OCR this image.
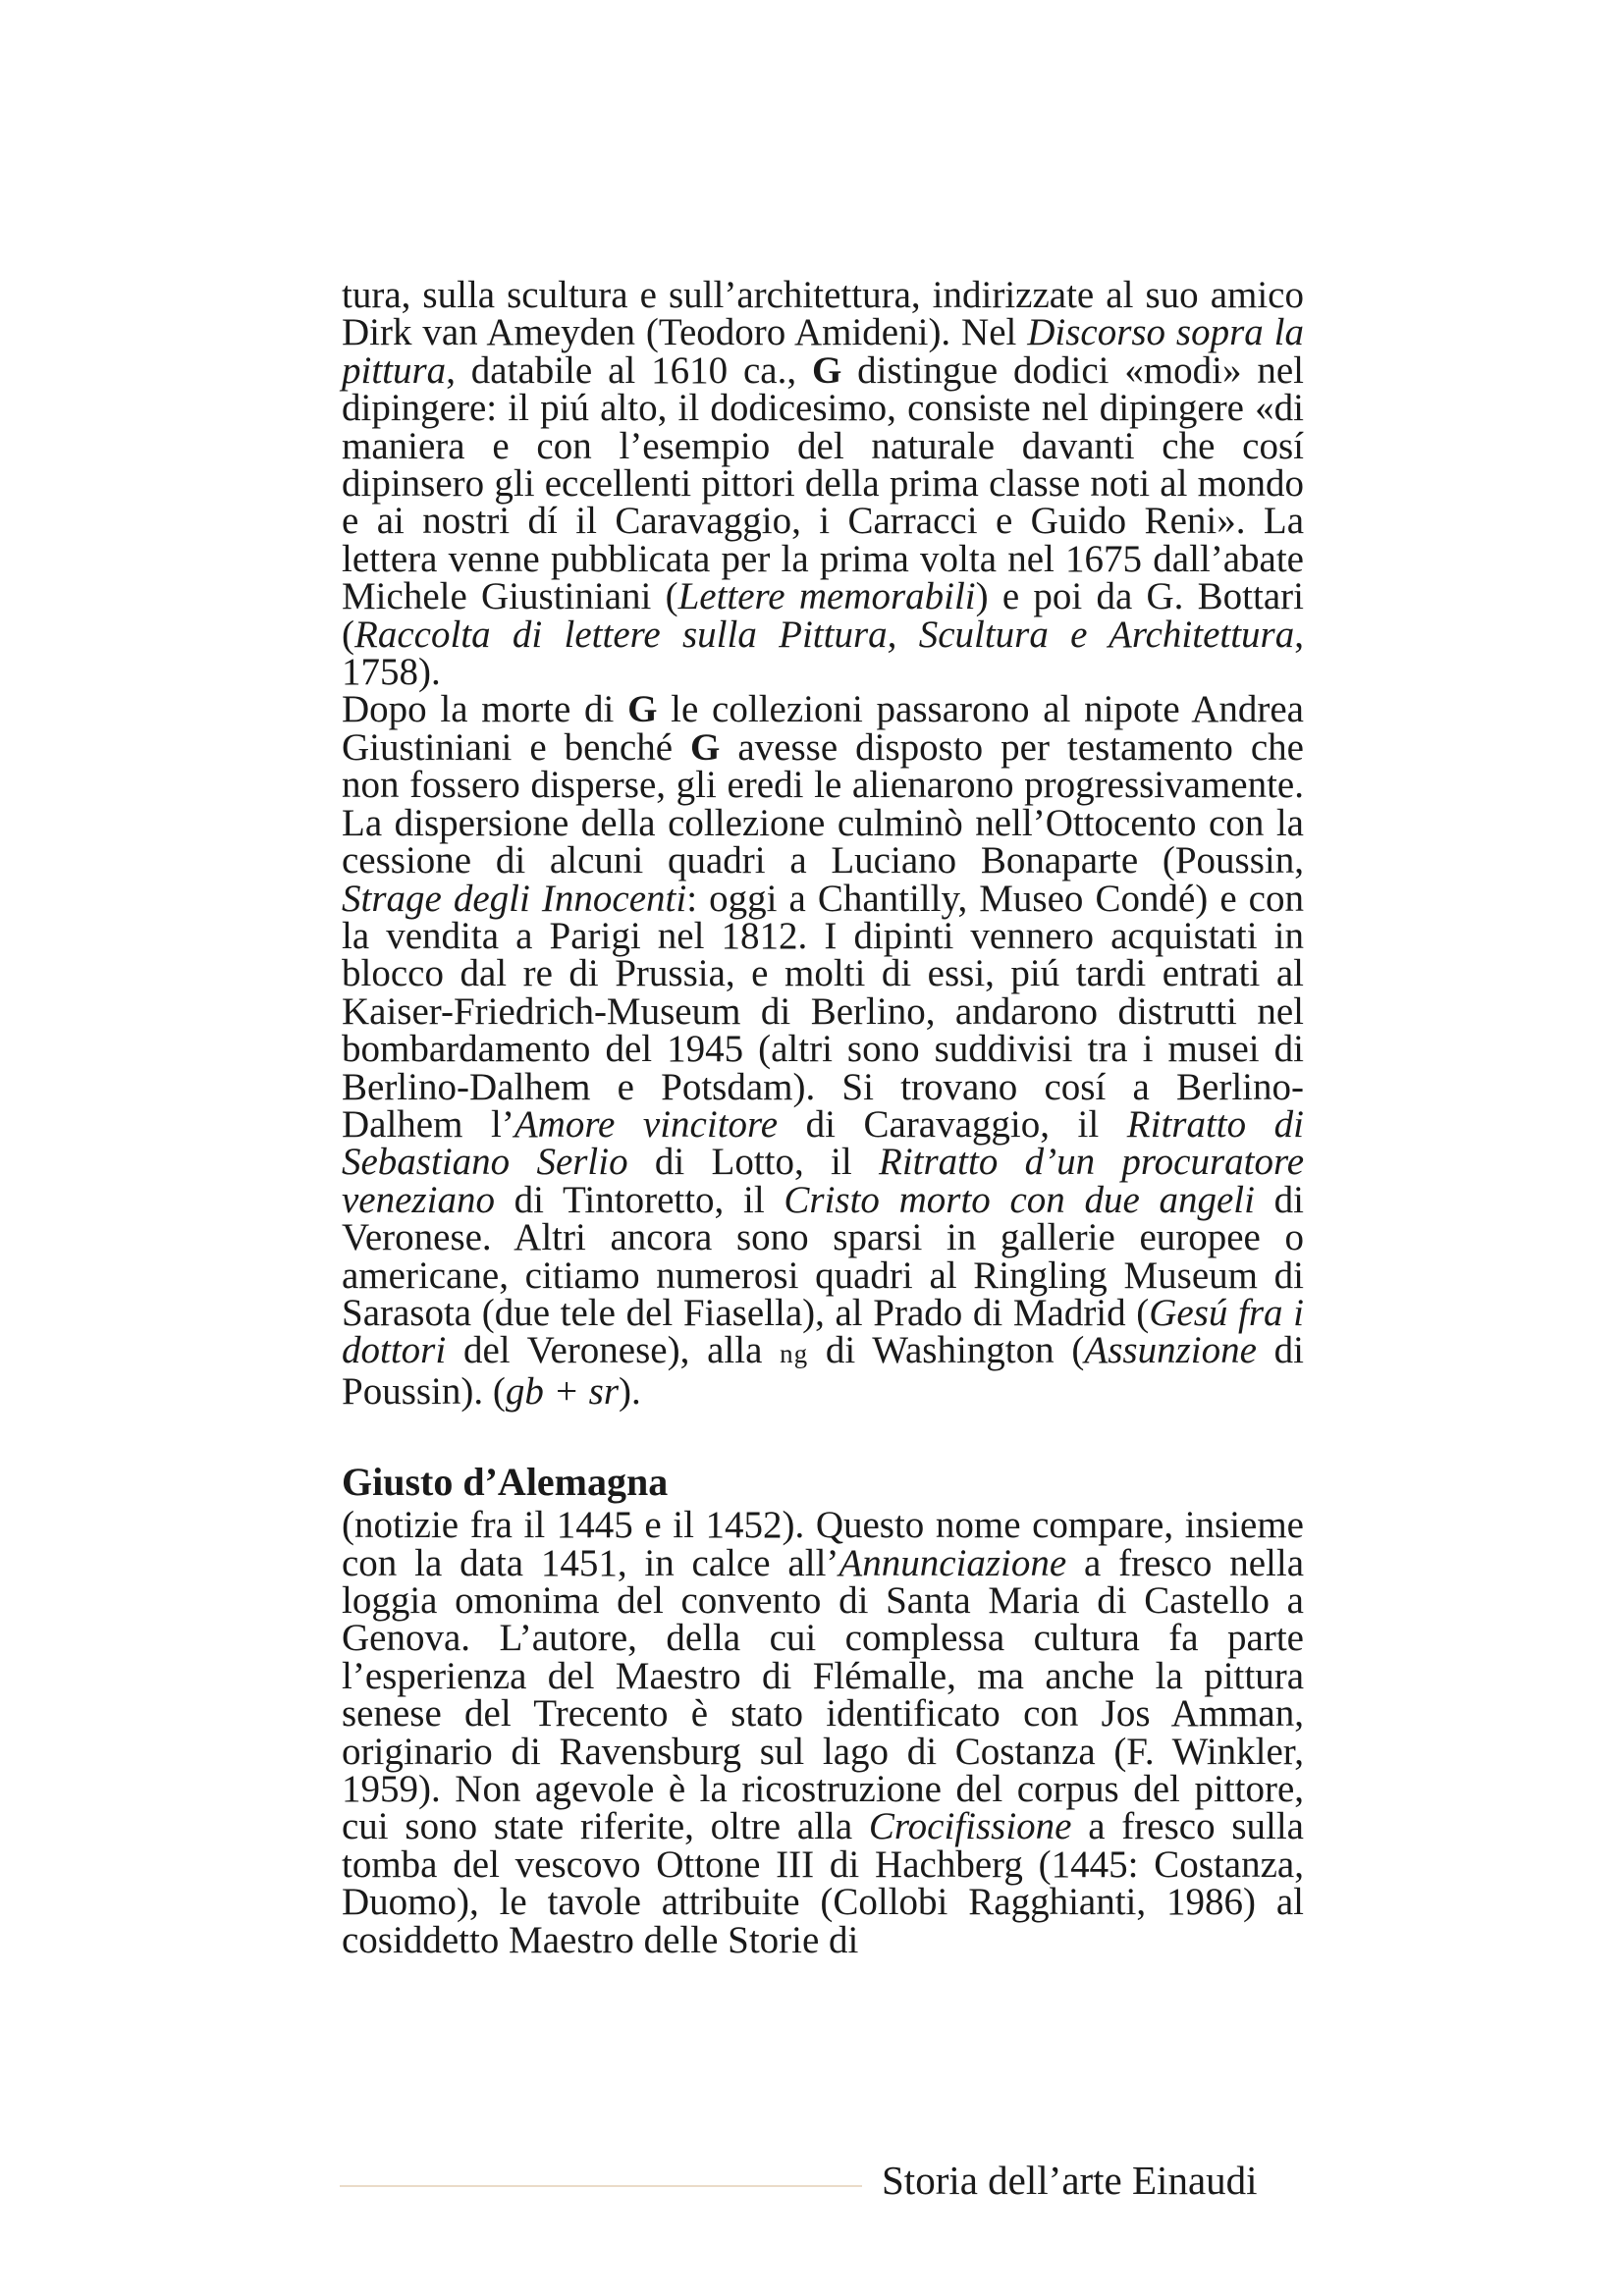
tura, sulla scultura e sull’architettura, indirizzate al suo amico Dirk van Ameyden (Teodoro Amideni). Nel Discorso sopra la pittura, databile al 1610 ca., G distingue dodici «modi» nel dipingere: il piú alto, il dodicesimo, consiste nel dipingere «di maniera e con l’esempio del naturale davanti che cosí dipinsero gli eccellenti pittori della prima classe noti al mondo e ai nostri dí il Caravaggio, i Carracci e Guido Reni». La lettera venne pubblicata per la prima volta nel 1675 dall’abate Michele Giustiniani (Lettere memorabili) e poi da G. Bottari (Raccolta di lettere sulla Pittura, Scultura e Architettura, 1758).

Dopo la morte di G le collezioni passarono al nipote Andrea Giustiniani e benché G avesse disposto per testamento che non fossero disperse, gli eredi le alienarono progressivamente. La dispersione della collezione culminò nell’Ottocento con la cessione di alcuni quadri a Luciano Bonaparte (Poussin, Strage degli Innocenti: oggi a Chantilly, Museo Condé) e con la vendita a Parigi nel 1812. I dipinti vennero acquistati in blocco dal re di Prussia, e molti di essi, piú tardi entrati al Kaiser-Friedrich-Museum di Berlino, andarono distrutti nel bombardamento del 1945 (altri sono suddivisi tra i musei di Berlino-Dalhem e Potsdam). Si trovano cosí a Berlino-Dalhem l’Amore vincitore di Caravaggio, il Ritratto di Sebastiano Serlio di Lotto, il Ritratto d’un procuratore veneziano di Tintoretto, il Cristo morto con due angeli di Veronese. Altri ancora sono sparsi in gallerie europee o americane, citiamo numerosi quadri al Ringling Museum di Sarasota (due tele del Fiasella), al Prado di Madrid (Gesú fra i dottori del Veronese), alla ng di Washington (Assunzione di Poussin). (gb + sr).

Giusto d’Alemagna

(notizie fra il 1445 e il 1452). Questo nome compare, insieme con la data 1451, in calce all’Annunciazione a fresco nella loggia omonima del convento di Santa Maria di Castello a Genova. L’autore, della cui complessa cultura fa parte l’esperienza del Maestro di Flémalle, ma anche la pittura senese del Trecento è stato identificato con Jos Amman, originario di Ravensburg sul lago di Costanza (F. Winkler, 1959). Non agevole è la ricostruzione del corpus del pittore, cui sono state riferite, oltre alla Crocifissione a fresco sulla tomba del vescovo Ottone III di Hachberg (1445: Costanza, Duomo), le tavole attribuite (Collobi Ragghianti, 1986) al cosiddetto Maestro delle Storie di

Storia dell’arte Einaudi
